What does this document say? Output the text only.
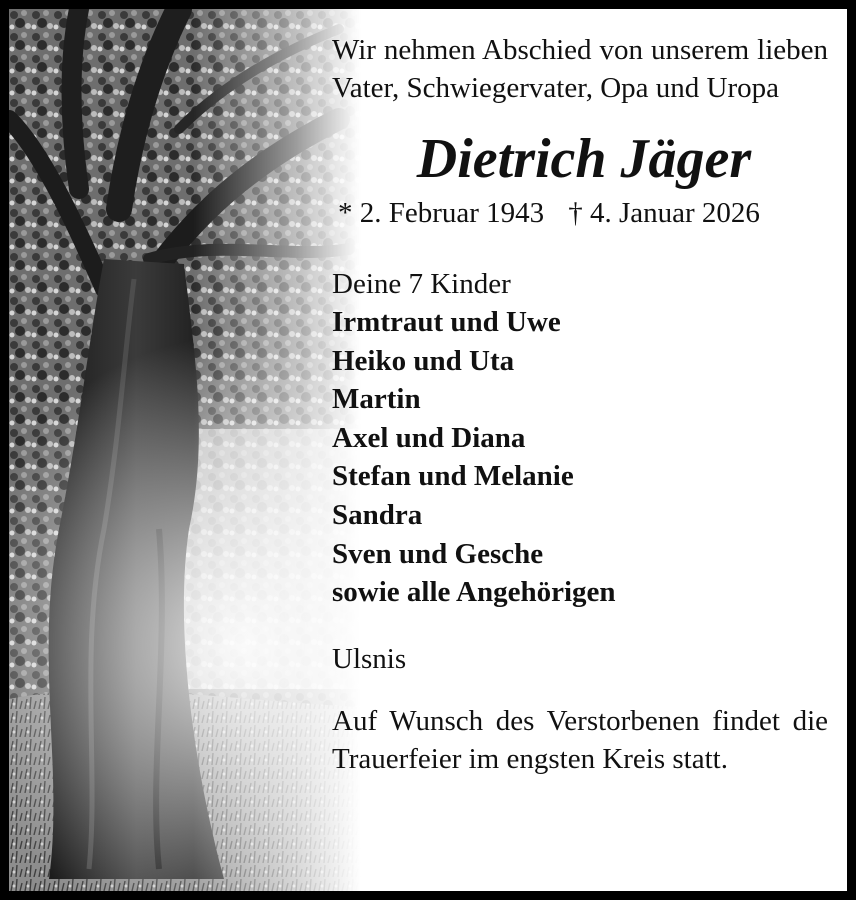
Wir nehmen Abschied von unserem lieben Vater, Schwiegervater, Opa und Uropa

Dietrich Jäger
* 2. Februar 1943 † 4. Januar 2026

Deine 7 Kinder

Irmtraut und Uwe
Heiko und Uta
Martin
Axel und Diana
Stefan und Melanie
Sandra
Sven und Gesche
sowie alle Angehörigen

Ulsnis

Auf Wunsch des Verstorbenen findet die Trauerfeier im engsten Kreis statt.
